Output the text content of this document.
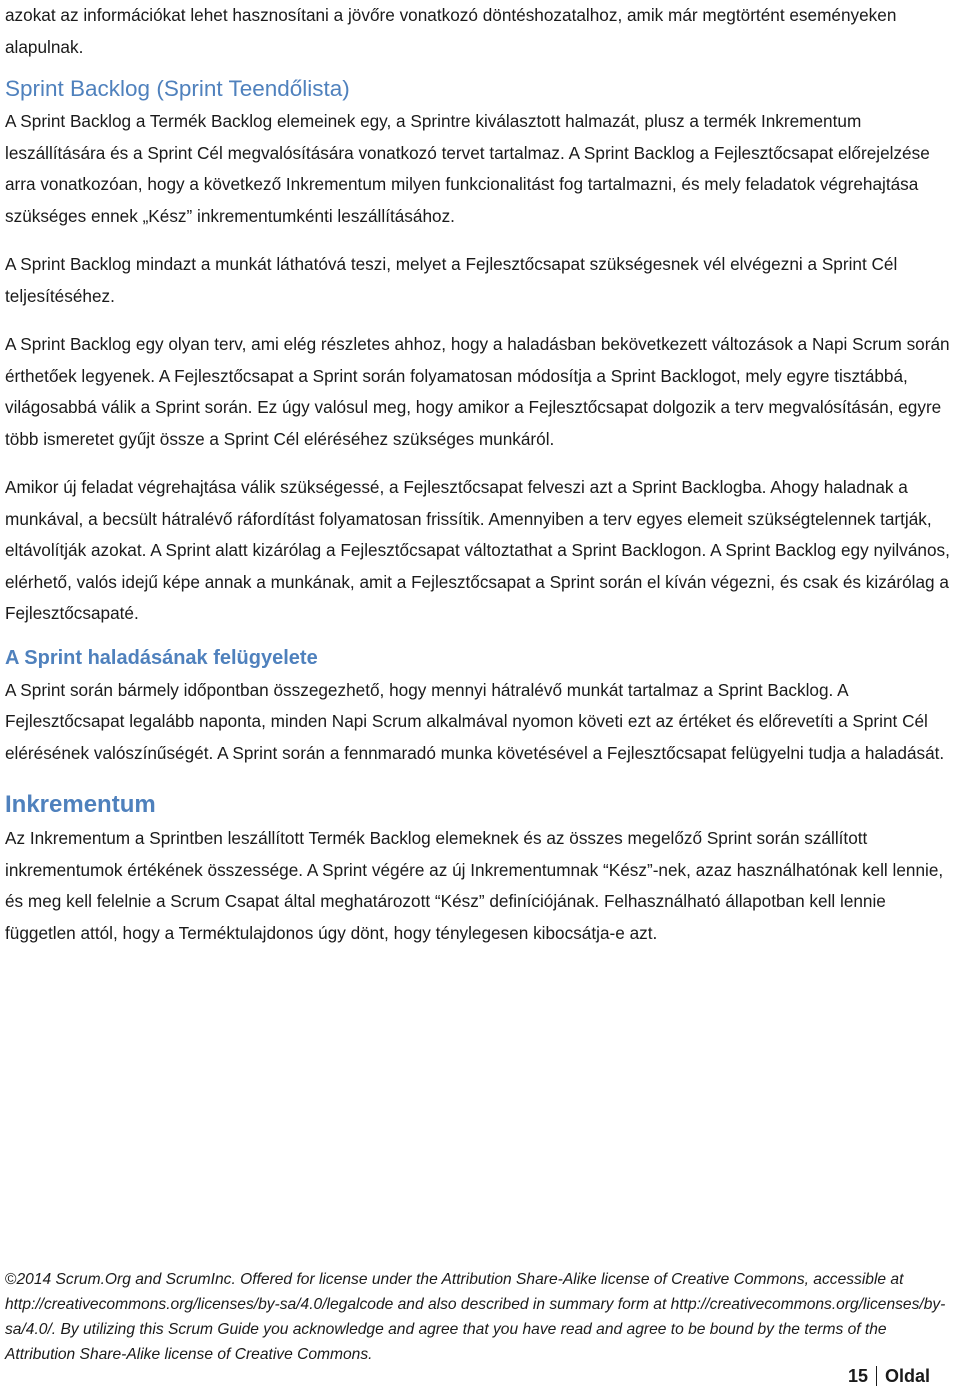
azokat az információkat lehet hasznosítani a jövőre vonatkozó döntéshozatalhoz, amik már megtörtént eseményeken alapulnak.

Sprint Backlog (Sprint Teendőlista)

A Sprint Backlog a Termék Backlog elemeinek egy, a Sprintre kiválasztott halmazát, plusz a termék Inkrementum leszállítására és a Sprint Cél megvalósítására vonatkozó tervet tartalmaz. A Sprint Backlog a Fejlesztőcsapat előrejelzése arra vonatkozóan, hogy a következő Inkrementum milyen funkcionalitást fog tartalmazni, és mely feladatok végrehajtása szükséges ennek „Kész” inkrementumkénti leszállításához.

A Sprint Backlog mindazt a munkát láthatóvá teszi, melyet a Fejlesztőcsapat szükségesnek vél elvégezni a Sprint Cél teljesítéséhez.

A Sprint Backlog egy olyan terv, ami elég részletes ahhoz, hogy a haladásban bekövetkezett változások a Napi Scrum során érthetőek legyenek. A Fejlesztőcsapat a Sprint során folyamatosan módosítja a Sprint Backlogot, mely egyre tisztábbá, világosabbá válik a Sprint során. Ez úgy valósul meg, hogy amikor a Fejlesztőcsapat dolgozik a terv megvalósításán, egyre több ismeretet gyűjt össze a Sprint Cél eléréséhez szükséges munkáról.

Amikor új feladat végrehajtása válik szükségessé, a Fejlesztőcsapat felveszi azt a Sprint Backlogba. Ahogy haladnak a munkával, a becsült hátralévő ráfordítást folyamatosan frissítik. Amennyiben a terv egyes elemeit szükségtelennek tartják, eltávolítják azokat. A Sprint alatt kizárólag a Fejlesztőcsapat változtathat a Sprint Backlogon. A Sprint Backlog egy nyilvános, elérhető, valós idejű képe annak a munkának, amit a Fejlesztőcsapat a Sprint során el kíván végezni, és csak és kizárólag a Fejlesztőcsapaté.

A Sprint haladásának felügyelete

A Sprint során bármely időpontban összegezhető, hogy mennyi hátralévő munkát tartalmaz a Sprint Backlog. A Fejlesztőcsapat legalább naponta, minden Napi Scrum alkalmával nyomon követi ezt az értéket és előrevetíti a Sprint Cél elérésének valószínűségét. A Sprint során a fennmaradó munka követésével a Fejlesztőcsapat felügyelni tudja a haladását.

Inkrementum

Az Inkrementum a Sprintben leszállított Termék Backlog elemeknek és az összes megelőző Sprint során szállított inkrementumok értékének összessége. A Sprint végére az új Inkrementumnak “Kész”-nek, azaz használhatónak kell lennie, és meg kell felelnie a Scrum Csapat által meghatározott “Kész” definíciójának. Felhasználható állapotban kell lennie független attól, hogy a Terméktulajdonos úgy dönt, hogy ténylegesen kibocsátja-e azt.

©2014 Scrum.Org and ScrumInc. Offered for license under the Attribution Share-Alike license of Creative Commons, accessible at http://creativecommons.org/licenses/by-sa/4.0/legalcode and also described in summary form at http://creativecommons.org/licenses/by-sa/4.0/. By utilizing this Scrum Guide you acknowledge and agree that you have read and agree to be bound by the terms of the Attribution Share-Alike license of Creative Commons.
15 Oldal
